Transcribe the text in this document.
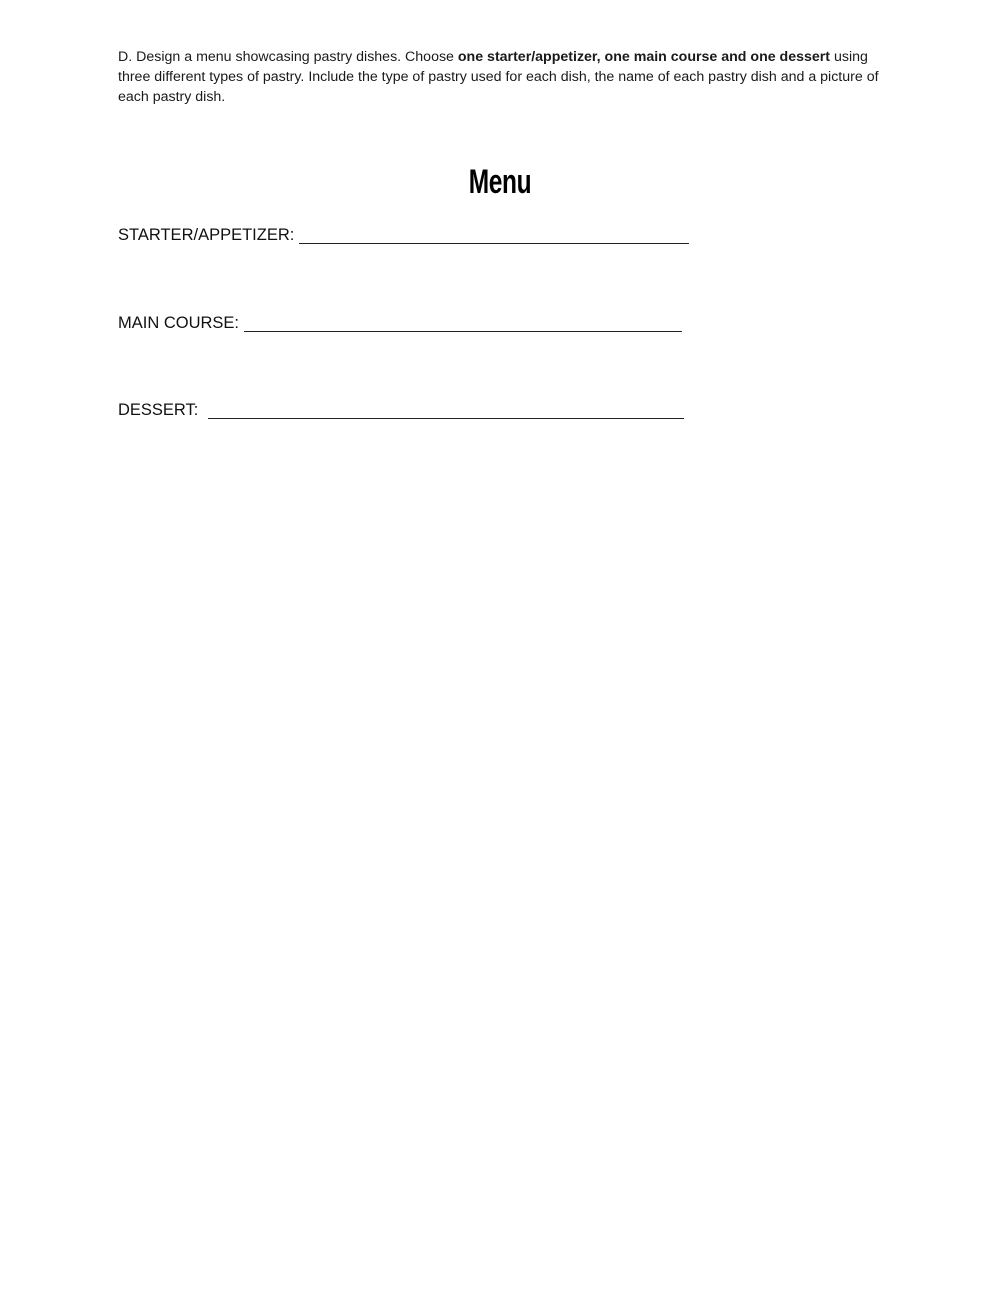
D. Design a menu showcasing pastry dishes. Choose one starter/appetizer, one main course and one dessert using three different types of pastry. Include the type of pastry used for each dish, the name of each pastry dish and a picture of each pastry dish.

Menu
STARTER/APPETIZER:
MAIN COURSE:
DESSERT:
